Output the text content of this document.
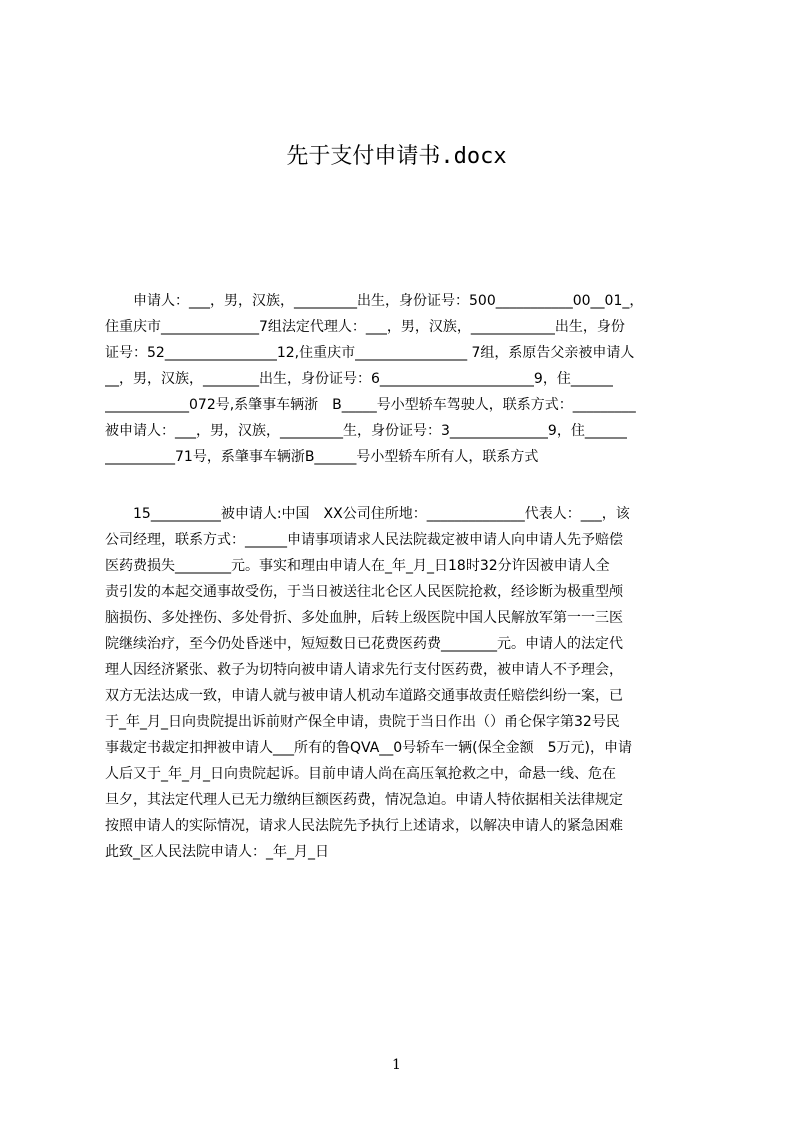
先于支付申请书.docx
　　申请人：___，男，汉族，_________出生，身份证号：500___________00__01_，
住重庆市______________7组法定代理人：___，男，汉族，____________出生，身份
证号：52________________12,住重庆市________________ 7组，系原告父亲被申请人
__，男，汉族，________出生，身份证号：6______________________9，住______
____________072号,系肇事车辆浙　B_____号小型轿车驾驶人，联系方式：_________
被申请人：___，男，汉族，_________生，身份证号：3______________9，住______
__________71号，系肇事车辆浙B______号小型轿车所有人，联系方式
　　15__________被申请人:中国　XX公司住所地：______________代表人：___，该
公司经理，联系方式：______申请事项请求人民法院裁定被申请人向申请人先予赔偿
医药费损失________元。事实和理由申请人在_年_月_日18时32分许因被申请人全
责引发的本起交通事故受伤，于当日被送往北仑区人民医院抢救，经诊断为极重型颅
脑损伤、多处挫伤、多处骨折、多处血肿，后转上级医院中国人民解放军第一一三医
院继续治疗，至今仍处昏迷中，短短数日已花费医药费________元。申请人的法定代
理人因经济紧张、救子为切特向被申请人请求先行支付医药费，被申请人不予理会，
双方无法达成一致，申请人就与被申请人机动车道路交通事故责任赔偿纠纷一案，已
于_年_月_日向贵院提出诉前财产保全申请，贵院于当日作出（）甬仑保字第32号民
事裁定书裁定扣押被申请人___所有的鲁QVA__0号轿车一辆(保全金额　5万元)，申请
人后又于_年_月_日向贵院起诉。目前申请人尚在高压氧抢救之中，命悬一线、危在
旦夕，其法定代理人已无力缴纳巨额医药费，情况急迫。申请人特依据相关法律规定
按照申请人的实际情况，请求人民法院先予执行上述请求，以解决申请人的紧急困难
此致_区人民法院申请人：_年_月_日
1
